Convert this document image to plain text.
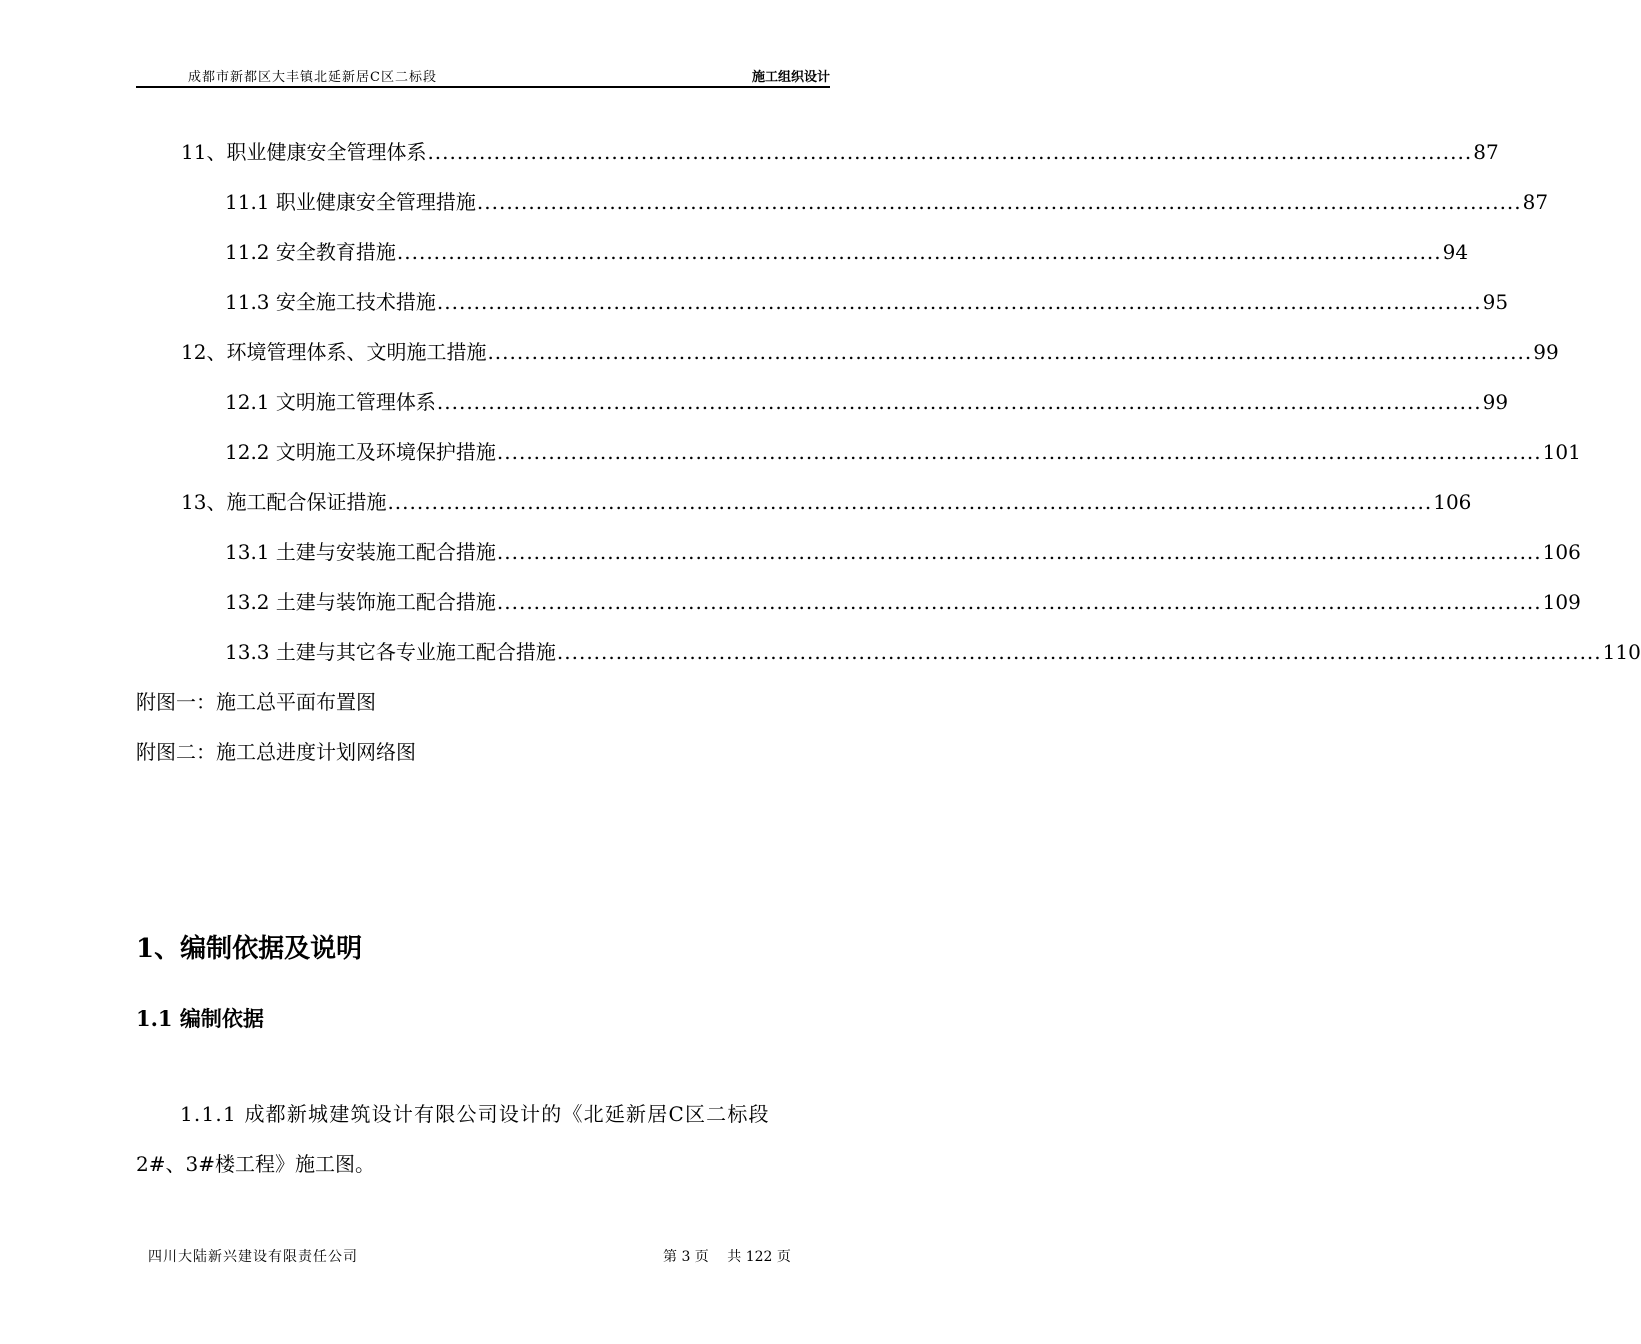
成都市新都区大丰镇北延新居C区二标段	施工组织设计
11、职业健康安全管理体系 .............................................................................................................................................. 87
11.1 职业健康安全管理措施 .............................................................................................................................................. 87
11.2 安全教育措施 .............................................................................................................................................. 94
11.3 安全施工技术措施 .............................................................................................................................................. 95
12、环境管理体系、文明施工措施 .............................................................................................................................................. 99
12.1 文明施工管理体系 .............................................................................................................................................. 99
12.2 文明施工及环境保护措施 .............................................................................................................................................. 101
13、施工配合保证措施 .............................................................................................................................................. 106
13.1 土建与安装施工配合措施 .............................................................................................................................................. 106
13.2 土建与装饰施工配合措施 .............................................................................................................................................. 109
13.3 土建与其它各专业施工配合措施 .............................................................................................................................................. 110
附图一：施工总平面布置图
附图二：施工总进度计划网络图
1、编制依据及说明
1.1 编制依据
1.1.1 成都新城建筑设计有限公司设计的《北延新居C区二标段
2#、3#楼工程》施工图。
四川大陆新兴建设有限责任公司	第 3 页　 共 122 页
